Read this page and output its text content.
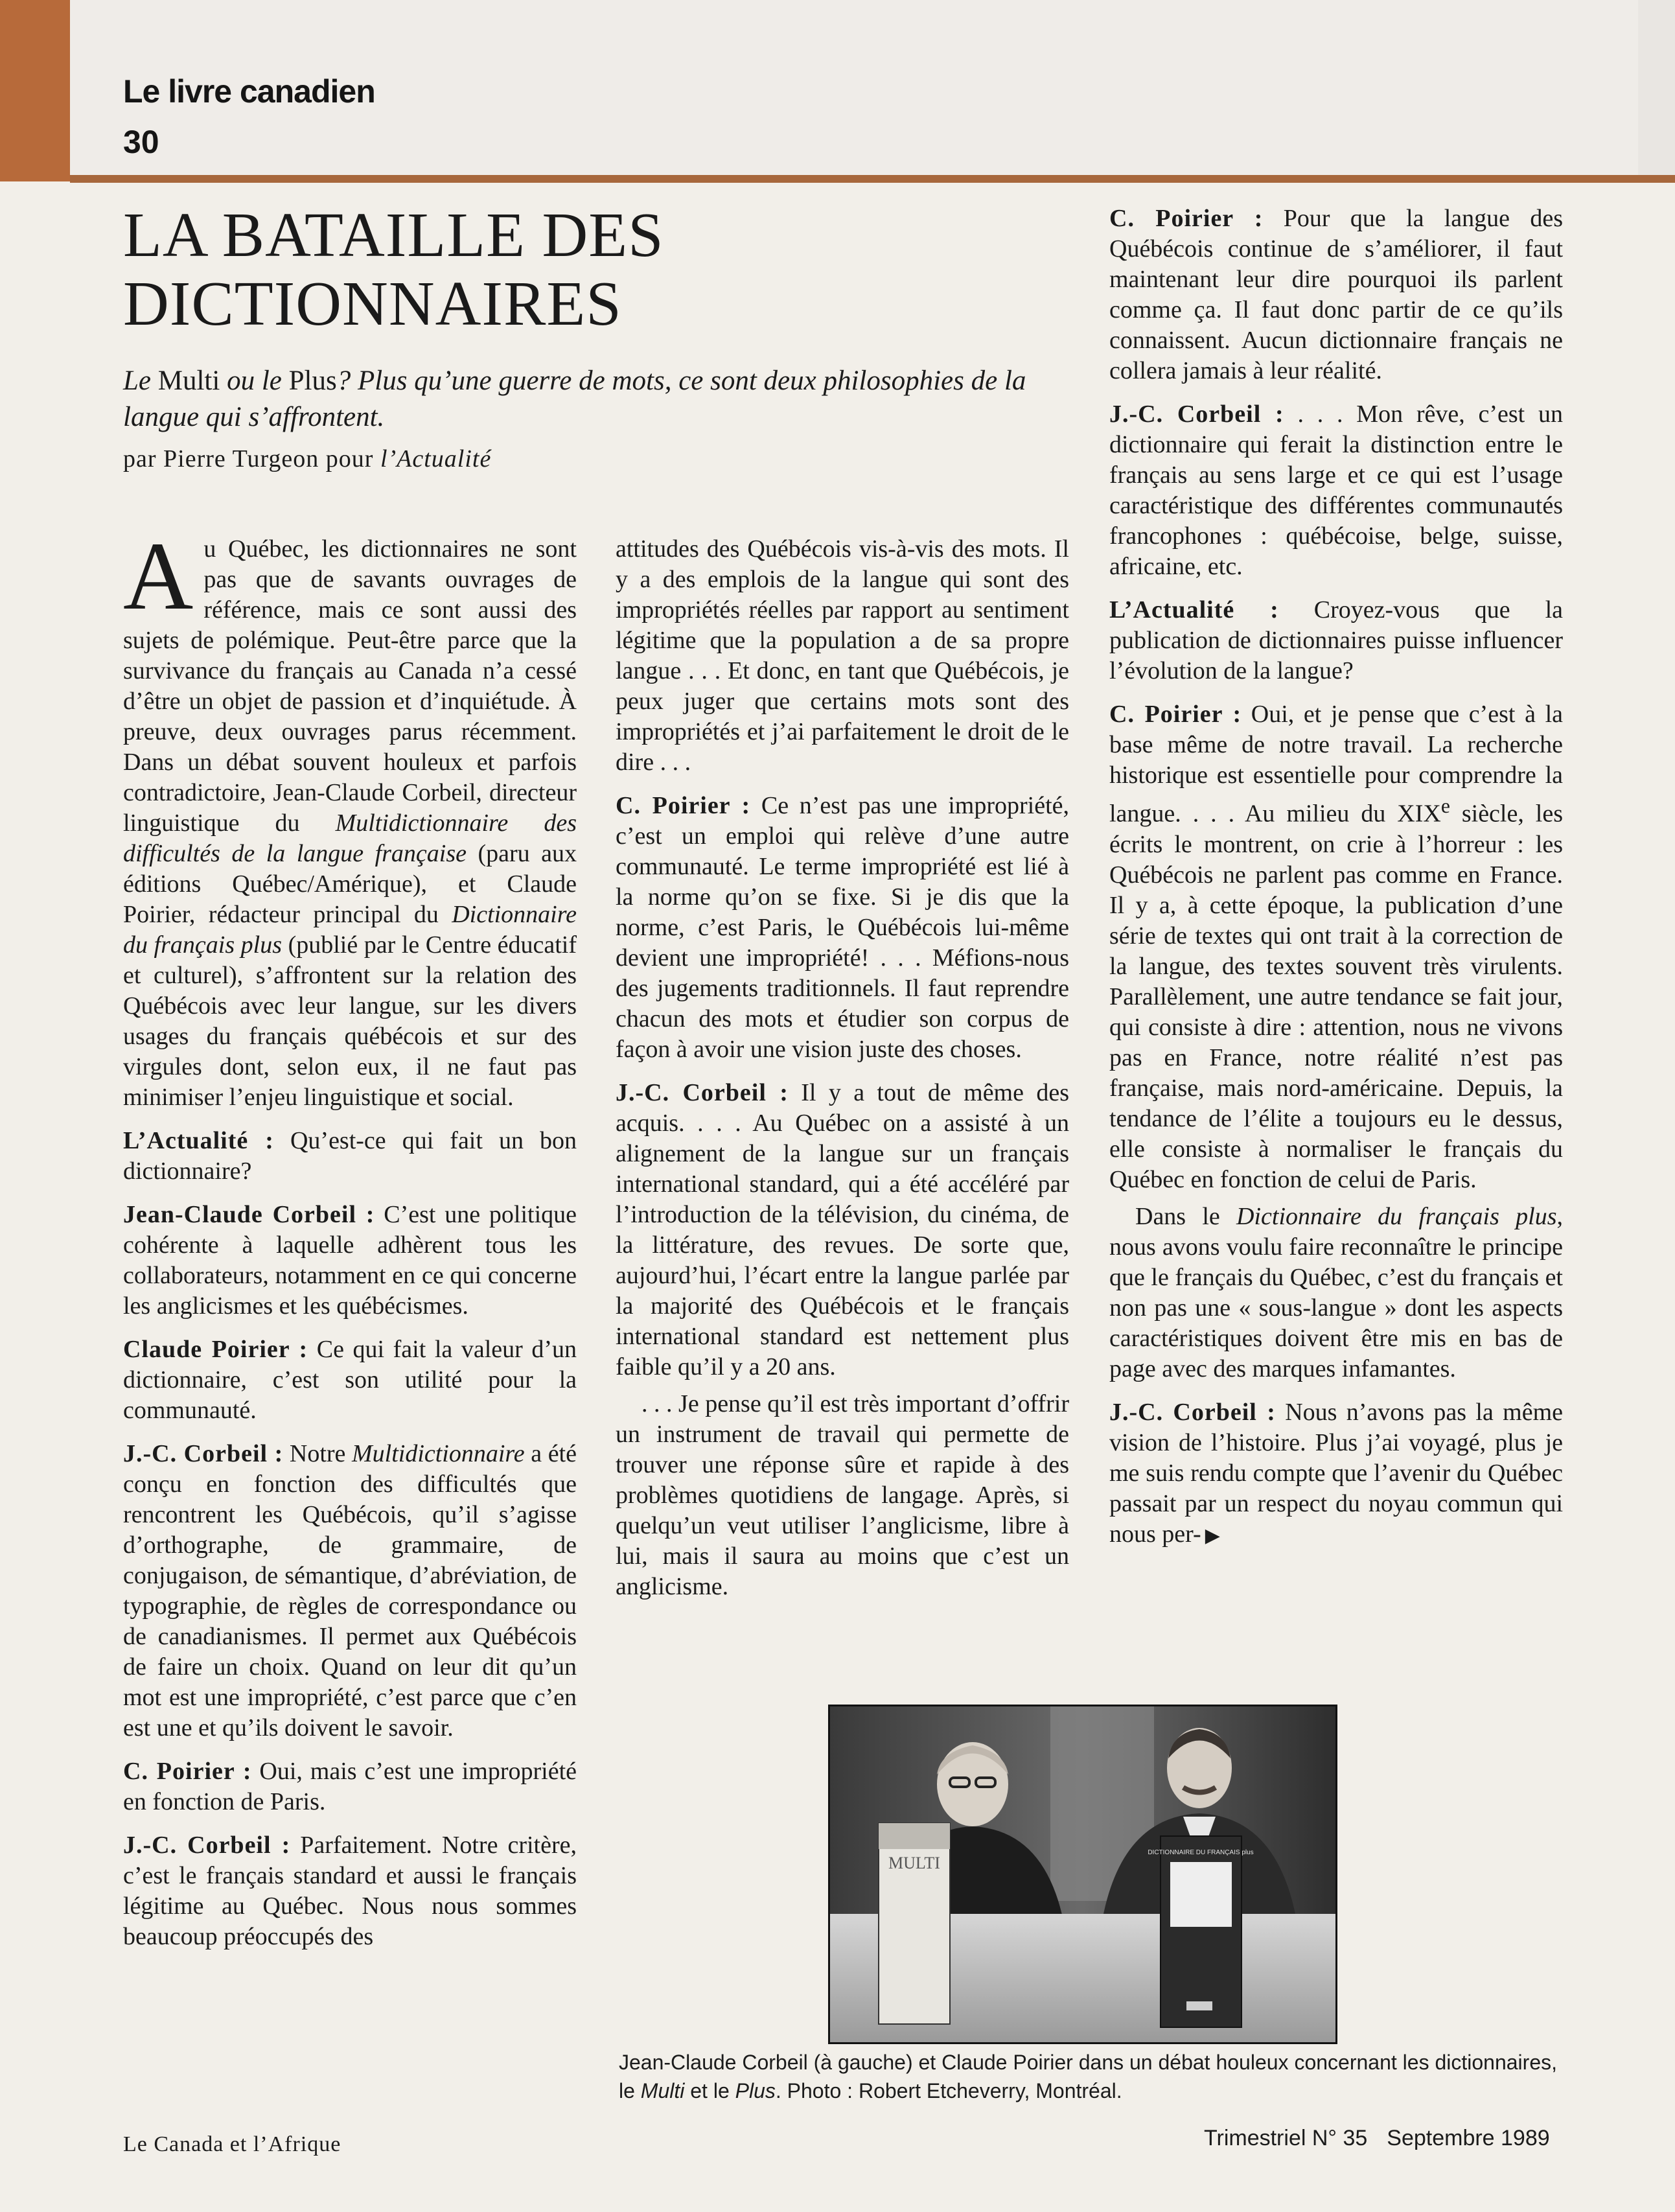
Le livre canadien
30
LA BATAILLE DES
DICTIONNAIRES
Le Multi ou le Plus? Plus qu’une guerre de mots, ce sont deux philosophies de la langue qui s’affrontent.
par Pierre Turgeon pour l’Actualité

Au Québec, les dictionnaires ne sont pas que de savants ouvrages de référence, mais ce sont aussi des sujets de polémique. Peut-être parce que la survivance du français au Canada n’a cessé d’être un objet de passion et d’inquiétude. À preuve, deux ouvrages parus récemment. Dans un débat souvent houleux et parfois contradictoire, Jean-Claude Corbeil, directeur linguistique du Multidictionnaire des difficultés de la langue française (paru aux éditions Québec/Amérique), et Claude Poirier, rédacteur principal du Dictionnaire du français plus (publié par le Centre éducatif et culturel), s’affrontent sur la relation des Québécois avec leur langue, sur les divers usages du français québécois et sur des virgules dont, selon eux, il ne faut pas minimiser l’enjeu linguistique et social.

L’Actualité : Qu’est-ce qui fait un bon dictionnaire?

Jean-Claude Corbeil : C’est une politique cohérente à laquelle adhèrent tous les collaborateurs, notamment en ce qui concerne les anglicismes et les québécismes.

Claude Poirier : Ce qui fait la valeur d’un dictionnaire, c’est son utilité pour la communauté.

J.-C. Corbeil : Notre Multidictionnaire a été conçu en fonction des difficultés que rencontrent les Québécois, qu’il s’agisse d’orthographe, de grammaire, de conjugaison, de sémantique, d’abréviation, de typographie, de règles de correspondance ou de canadianismes. Il permet aux Québécois de faire un choix. Quand on leur dit qu’un mot est une impropriété, c’est parce que c’en est une et qu’ils doivent le savoir.

C. Poirier : Oui, mais c’est une impropriété en fonction de Paris.

J.-C. Corbeil : Parfaitement. Notre critère, c’est le français standard et aussi le français légitime au Québec. Nous nous sommes beaucoup préoccupés des

attitudes des Québécois vis-à-vis des mots. Il y a des emplois de la langue qui sont des impropriétés réelles par rapport au sentiment légitime que la population a de sa propre langue . . . Et donc, en tant que Québécois, je peux juger que certains mots sont des impropriétés et j’ai parfaitement le droit de le dire . . .

C. Poirier : Ce n’est pas une impropriété, c’est un emploi qui relève d’une autre communauté. Le terme impropriété est lié à la norme qu’on se fixe. Si je dis que la norme, c’est Paris, le Québécois lui-même devient une impropriété! . . . Méfions-nous des jugements traditionnels. Il faut reprendre chacun des mots et étudier son corpus de façon à avoir une vision juste des choses.

J.-C. Corbeil : Il y a tout de même des acquis. . . . Au Québec on a assisté à un alignement de la langue sur un français international standard, qui a été accéléré par l’introduction de la télévision, du cinéma, de la littérature, des revues. De sorte que, aujourd’hui, l’écart entre la langue parlée par la majorité des Québécois et le français international standard est nettement plus faible qu’il y a 20 ans.

. . . Je pense qu’il est très important d’offrir un instrument de travail qui permette de trouver une réponse sûre et rapide à des problèmes quotidiens de langage. Après, si quelqu’un veut utiliser l’anglicisme, libre à lui, mais il saura au moins que c’est un anglicisme.

C. Poirier : Pour que la langue des Québécois continue de s’améliorer, il faut maintenant leur dire pourquoi ils parlent comme ça. Il faut donc partir de ce qu’ils connaissent. Aucun dictionnaire français ne collera jamais à leur réalité.

J.-C. Corbeil : . . . Mon rêve, c’est un dictionnaire qui ferait la distinction entre le français au sens large et ce qui est l’usage caractéristique des différentes communautés francophones : québécoise, belge, suisse, africaine, etc.

L’Actualité : Croyez-vous que la publication de dictionnaires puisse influencer l’évolution de la langue?

C. Poirier : Oui, et je pense que c’est à la base même de notre travail. La recherche historique est essentielle pour comprendre la langue. . . . Au milieu du XIXe siècle, les écrits le montrent, on crie à l’horreur : les Québécois ne parlent pas comme en France. Il y a, à cette époque, la publication d’une série de textes qui ont trait à la correction de la langue, des textes souvent très virulents. Parallèlement, une autre tendance se fait jour, qui consiste à dire : attention, nous ne vivons pas en France, notre réalité n’est pas française, mais nord-américaine. Depuis, la tendance de l’élite a toujours eu le dessus, elle consiste à normaliser le français du Québec en fonction de celui de Paris.

Dans le Dictionnaire du français plus, nous avons voulu faire reconnaître le principe que le français du Québec, c’est du français et non pas une « sous-langue » dont les aspects caractéristiques doivent être mis en bas de page avec des marques infamantes.

J.-C. Corbeil : Nous n’avons pas la même vision de l’histoire. Plus j’ai voyagé, plus je me suis rendu compte que l’avenir du Québec passait par un respect du noyau commun qui nous per- ▶

MULTI
DICTIONNAIRE DU FRANÇAIS plus
Jean-Claude Corbeil (à gauche) et Claude Poirier dans un débat houleux concernant les dictionnaires, le Multi et le Plus. Photo : Robert Etcheverry, Montréal.
Le Canada et l’Afrique	Trimestriel N° 35 Septembre 1989
